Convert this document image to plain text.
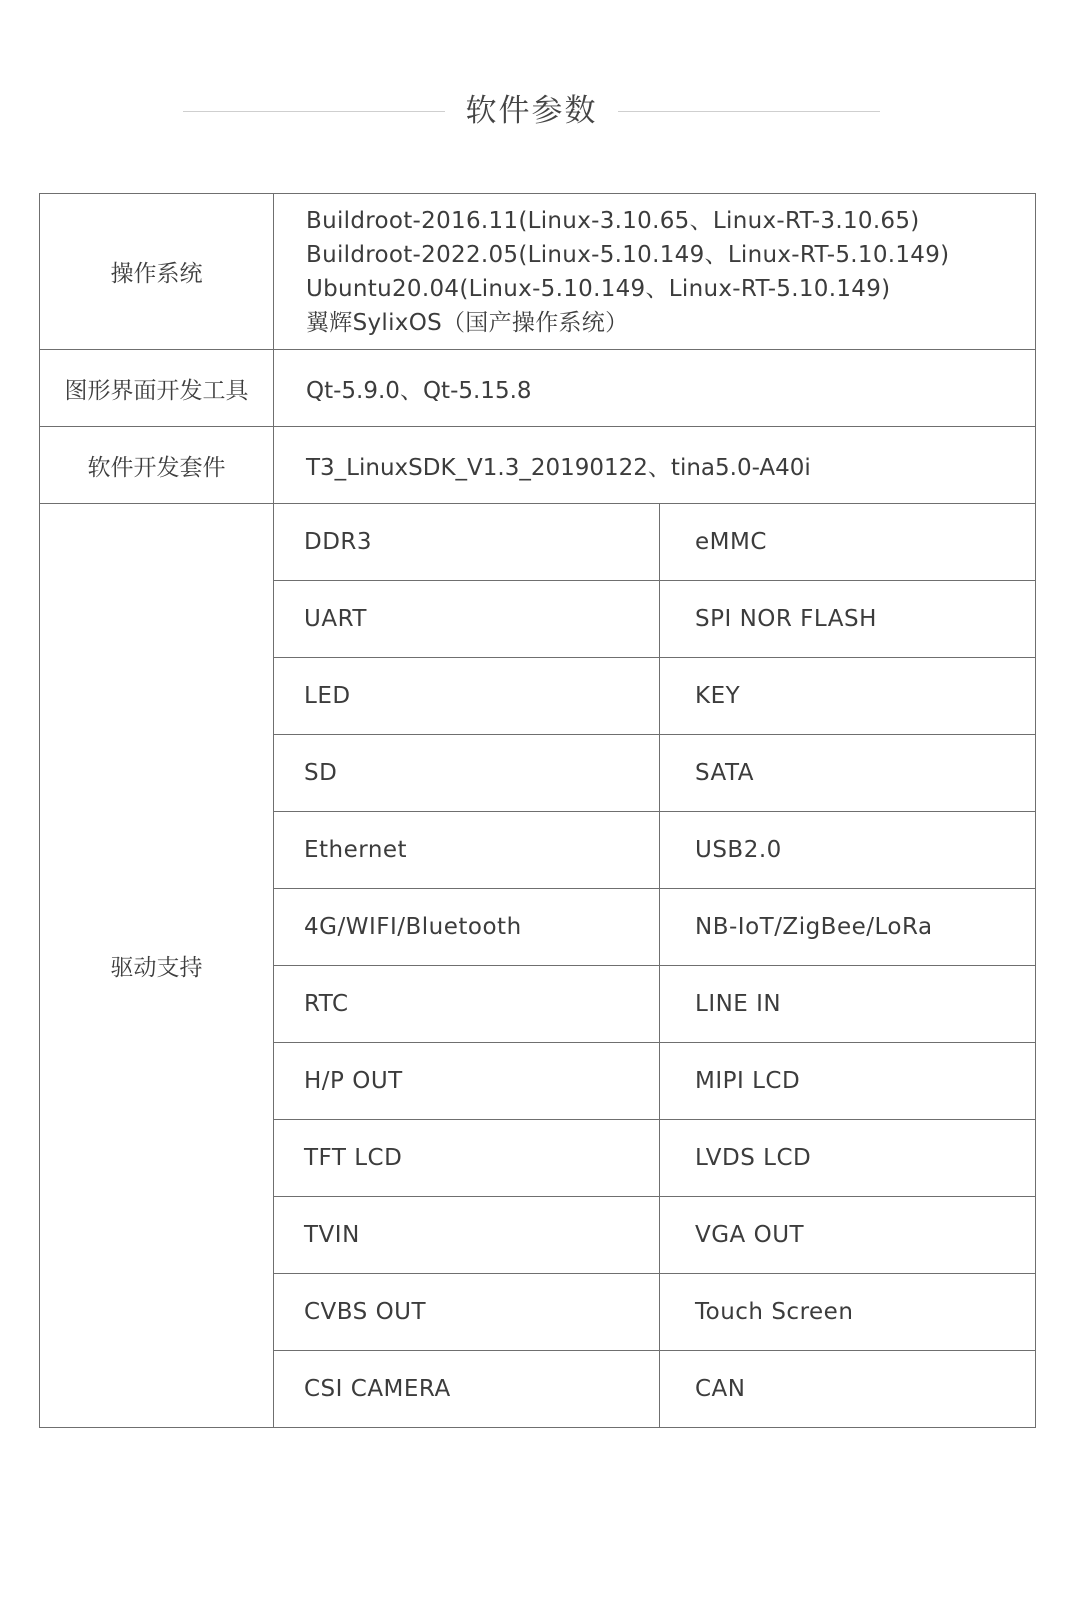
软件参数
操作系统	Buildroot-2016.11(Linux-3.10.65、Linux-RT-3.10.65)
Buildroot-2022.05(Linux-5.10.149、Linux-RT-5.10.149)
Ubuntu20.04(Linux-5.10.149、Linux-RT-5.10.149)
翼辉SylixOS（国产操作系统）	

图形界面开发工具	Qt-5.9.0、Qt-5.15.8	
软件开发套件	T3_LinuxSDK_V1.3_20190122、tina5.0-A40i	
驱动支持	DDR3	eMMC
	UART	SPI NOR FLASH
	LED	KEY
	SD	SATA
	Ethernet	USB2.0
	4G/WIFI/Bluetooth	NB-IoT/ZigBee/LoRa
	RTC	LINE IN
	H/P OUT	MIPI LCD
	TFT LCD	LVDS LCD
	TVIN	VGA OUT
	CVBS OUT	Touch Screen
	CSI CAMERA	CAN
